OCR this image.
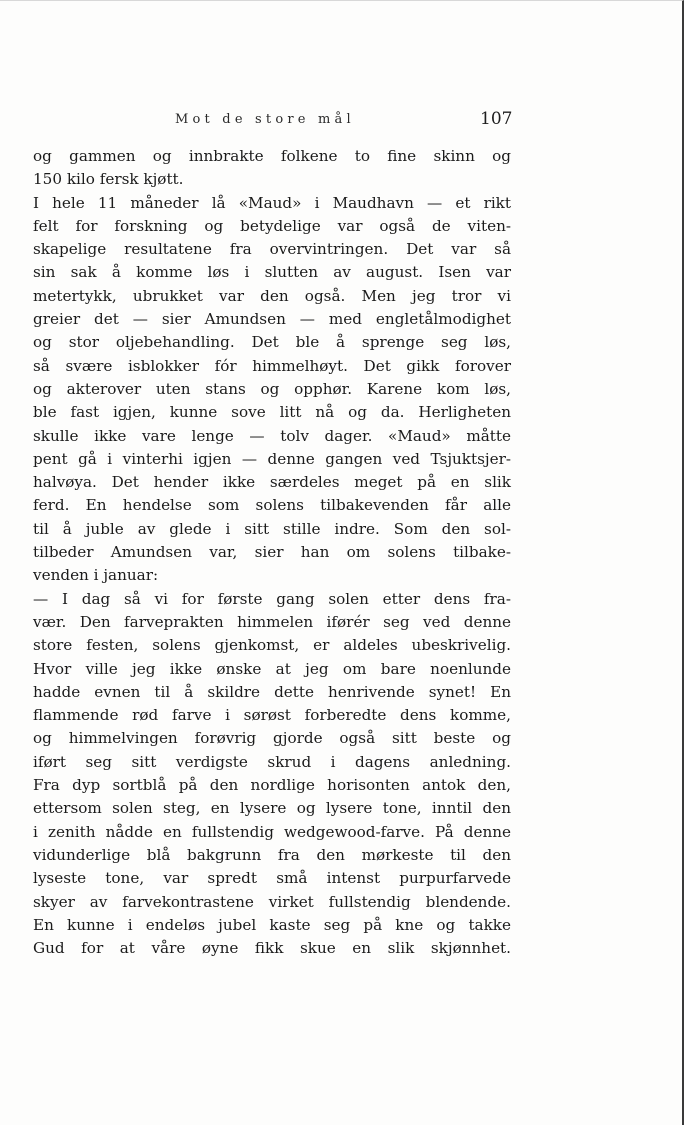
Mot de store mål	107
og gammen og innbrakte folkene to fine skinn og
150 kilo fersk kjøtt.
I hele 11 måneder lå «Maud» i Maudhavn — et rikt
felt for forskning og betydelige var også de viten-
skapelige resultatene fra overvintringen. Det var så
sin sak å komme løs i slutten av august. Isen var
metertykk, ubrukket var den også. Men jeg tror vi
greier det — sier Amundsen — med engletålmodighet
og stor oljebehandling. Det ble å sprenge seg løs,
så svære isblokker fór himmelhøyt. Det gikk forover
og akterover uten stans og opphør. Karene kom løs,
ble fast igjen, kunne sove litt nå og da. Herligheten
skulle ikke vare lenge — tolv dager. «Maud» måtte
pent gå i vinterhi igjen — denne gangen ved Tsjuktsjer-
halvøya. Det hender ikke særdeles meget på en slik
ferd. En hendelse som solens tilbakevenden får alle
til å juble av glede i sitt stille indre. Som den sol-
tilbeder Amundsen var, sier han om solens tilbake-
venden i januar:
— I dag så vi for første gang solen etter dens fra-
vær. Den farveprakten himmelen iførér seg ved denne
store festen, solens gjenkomst, er aldeles ubeskrivelig.
Hvor ville jeg ikke ønske at jeg om bare noenlunde
hadde evnen til å skildre dette henrivende synet! En
flammende rød farve i sørøst forberedte dens komme,
og himmelvingen forøvrig gjorde også sitt beste og
iført seg sitt verdigste skrud i dagens anledning.
Fra dyp sortblå på den nordlige horisonten antok den,
ettersom solen steg, en lysere og lysere tone, inntil den
i zenith nådde en fullstendig wedgewood-farve. På denne
vidunderlige blå bakgrunn fra den mørkeste til den
lyseste tone, var spredt små intenst purpurfarvede
skyer av farvekontrastene virket fullstendig blendende.
En kunne i endeløs jubel kaste seg på kne og takke
Gud for at våre øyne fikk skue en slik skjønnhet.
